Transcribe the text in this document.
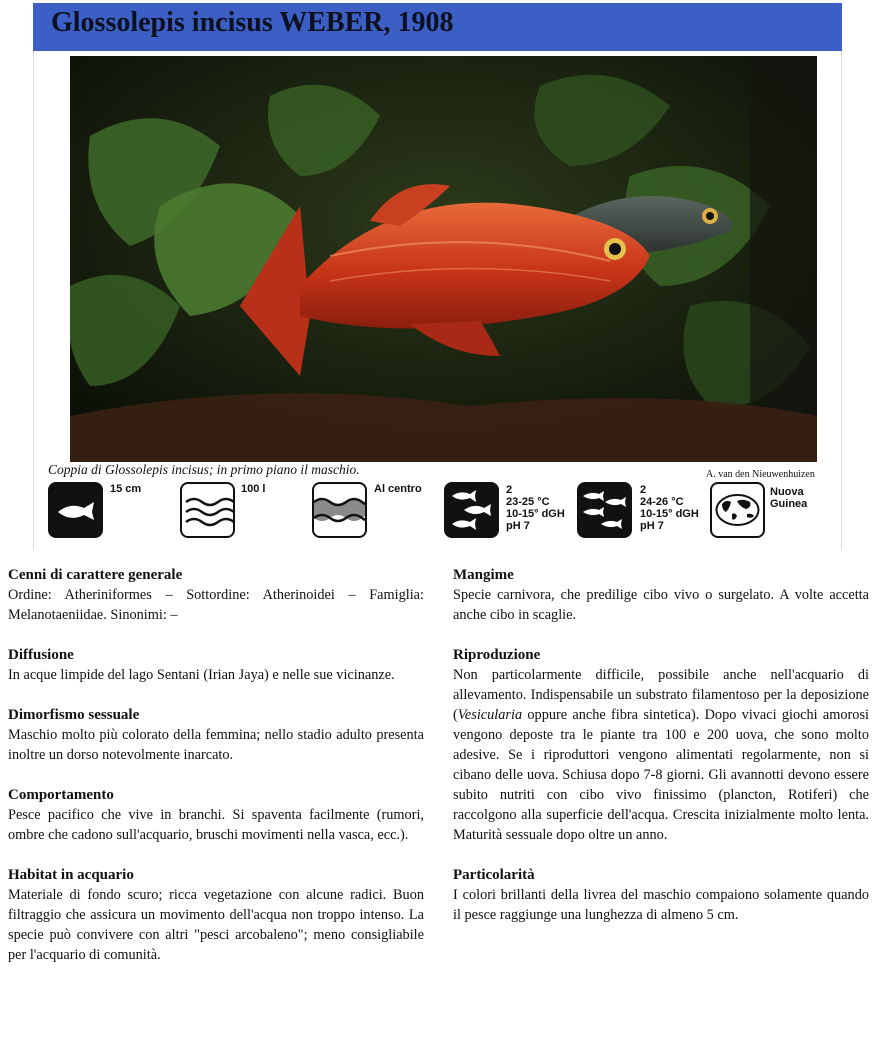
Glossolepis incisus WEBER, 1908
Coppia di Glossolepis incisus; in primo piano il maschio.	A. van den Nieuwenhuizen
15 cm	100 l	Al centro	2
23-25 °C
10-15° dGH
pH 7
2
24-26 °C
10-15° dGH
pH 7
Nuova
Guinea
Cenni di carattere generale

Ordine: Atheriniformes – Sottordine: Atherinoidei – Famiglia: Melanotaeniidae. Sinonimi: –

Diffusione

In acque limpide del lago Sentani (Irian Jaya) e nelle sue vicinanze.

Dimorfismo sessuale

Maschio molto più colorato della femmina; nello stadio adulto presenta inoltre un dorso notevolmente inarcato.

Comportamento

Pesce pacifico che vive in branchi. Si spaventa facilmente (rumori, ombre che cadono sull'acquario, bruschi movimenti nella vasca, ecc.).

Habitat in acquario

Materiale di fondo scuro; ricca vegetazione con alcune radici. Buon filtraggio che assicura un movimento dell'acqua non troppo intenso. La specie può convivere con altri "pesci arcobaleno"; meno consigliabile per l'acquario di comunità.

Mangime

Specie carnivora, che predilige cibo vivo o surgelato. A volte accetta anche cibo in scaglie.

Riproduzione

Non particolarmente difficile, possibile anche nell'acquario di allevamento. Indispensabile un substrato filamentoso per la deposizione (Vesicularia oppure anche fibra sintetica). Dopo vivaci giochi amorosi vengono deposte tra le piante tra 100 e 200 uova, che sono molto adesive. Se i riproduttori vengono alimentati regolarmente, non si cibano delle uova. Schiusa dopo 7-8 giorni. Gli avannotti devono essere subito nutriti con cibo vivo finissimo (plancton, Rotiferi) che raccolgono alla superficie dell'acqua. Crescita inizialmente molto lenta. Maturità sessuale dopo oltre un anno.

Particolarità

I colori brillanti della livrea del maschio compaiono solamente quando il pesce raggiunge una lunghezza di almeno 5 cm.
